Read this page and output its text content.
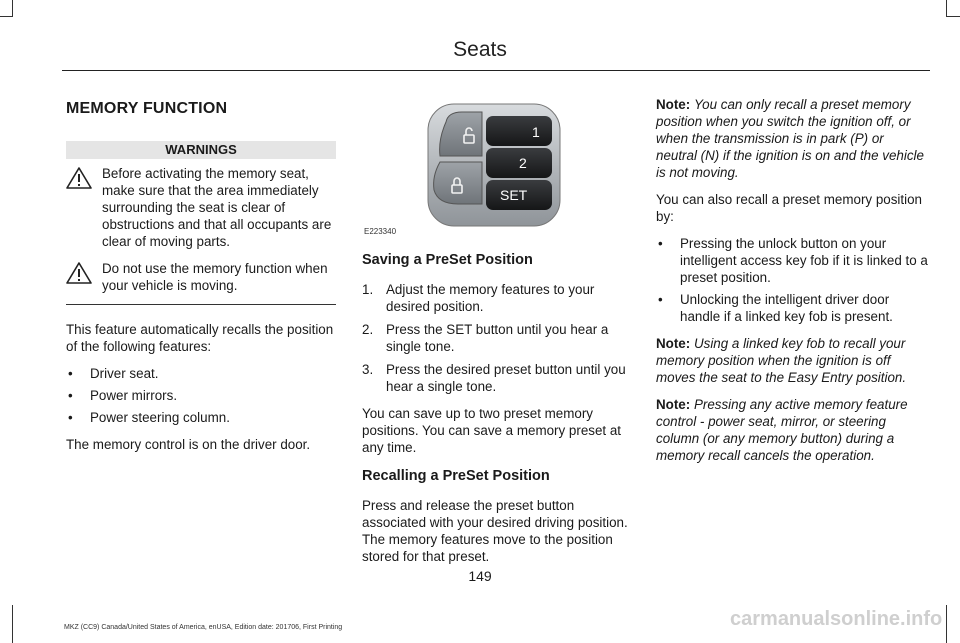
Seats
MEMORY FUNCTION
WARNINGS
Before activating the memory seat, make sure that the area immediately surrounding the seat is clear of obstructions and that all occupants are clear of moving parts.
Do not use the memory function when your vehicle is moving.

This feature automatically recalls the position of the following features:

• Driver seat.
• Power mirrors.
• Power steering column.

The memory control is on the driver door.

1
2
SET
E223340
Saving a PreSet Position
1. Adjust the memory features to your desired position.
2. Press the SET button until you hear a single tone.
3. Press the desired preset button until you hear a single tone.

You can save up to two preset memory positions. You can save a memory preset at any time.

Recalling a PreSet Position

Press and release the preset button associated with your desired driving position. The memory features move to the position stored for that preset.

Note: You can only recall a preset memory position when you switch the ignition off, or when the transmission is in park (P) or neutral (N) if the ignition is on and the vehicle is not moving.

You can also recall a preset memory position by:

• Pressing the unlock button on your intelligent access key fob if it is linked to a preset position.
• Unlocking the intelligent driver door handle if a linked key fob is present.

Note: Using a linked key fob to recall your memory position when the ignition is off moves the seat to the Easy Entry position.

Note: Pressing any active memory feature control - power seat, mirror, or steering column (or any memory button) during a memory recall cancels the operation.

149
MKZ (CC9) Canada/United States of America, enUSA, Edition date: 201706, First Printing	carmanualsonline.info
